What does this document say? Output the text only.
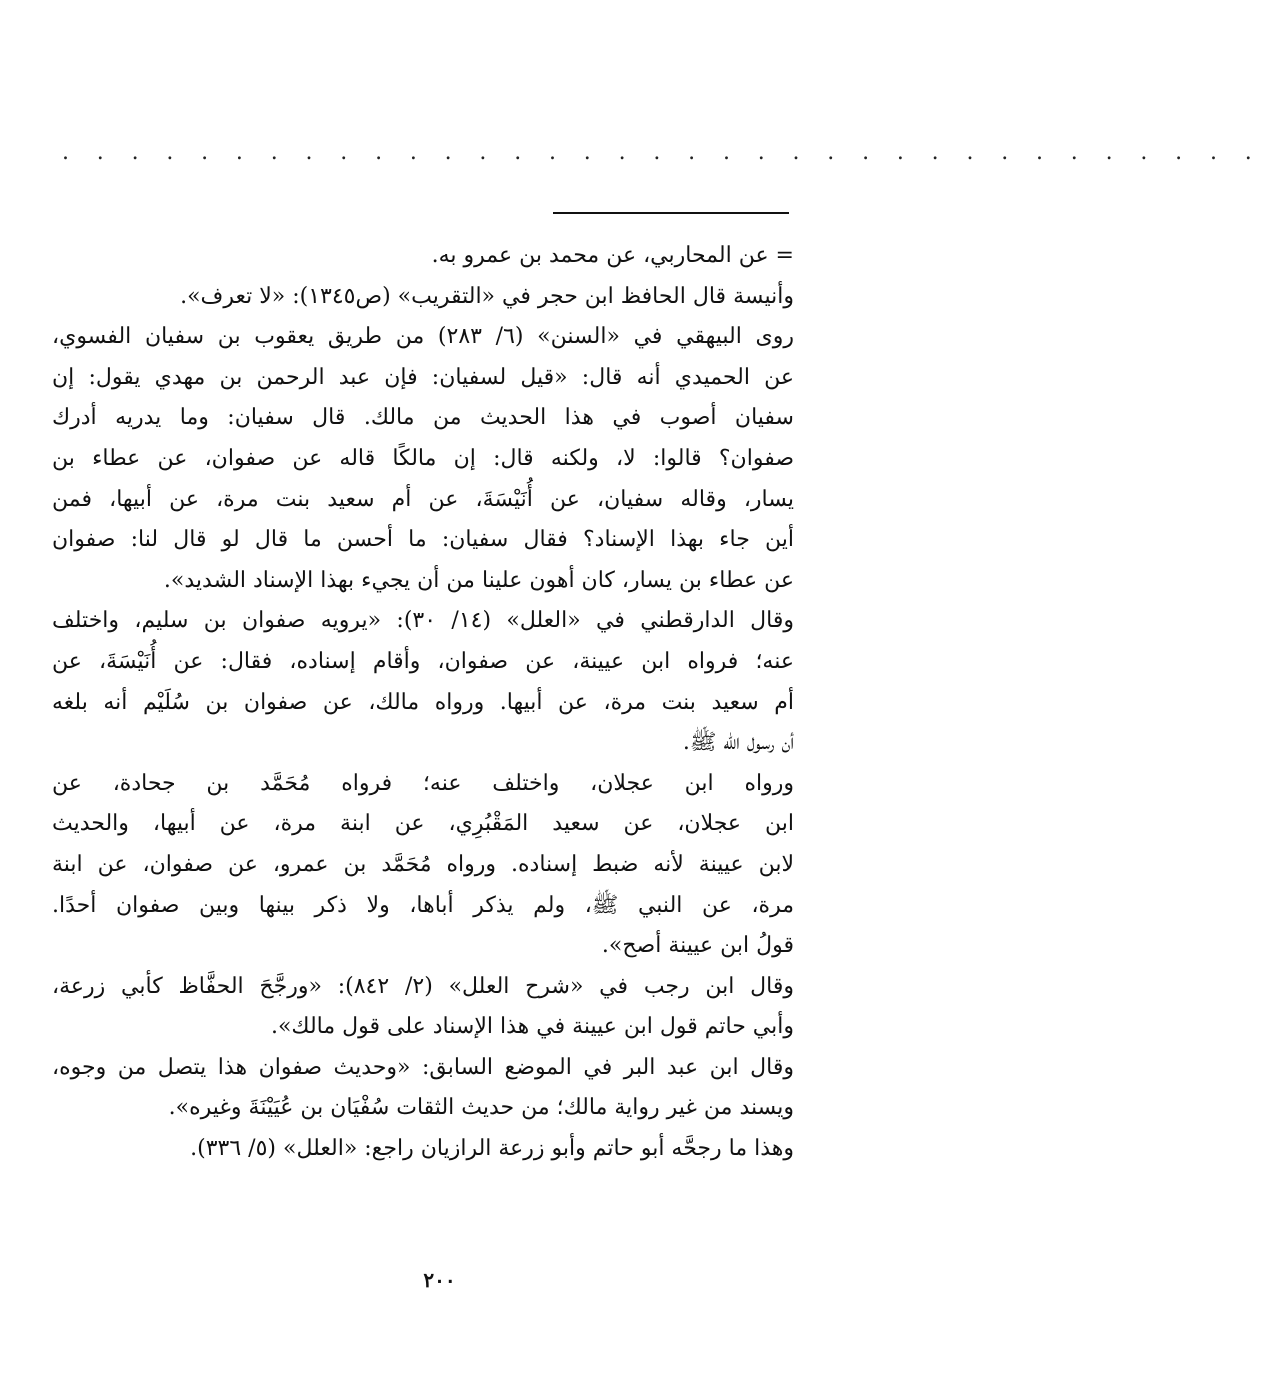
. . . . . . . . . . . . . . . . . . . . . . . . . . . . . . . . . . .
= عن المحاربي، عن محمد بن عمرو به.
وأنيسة قال الحافظ ابن حجر في «التقريب» (ص١٣٤٥): «لا تعرف».
روى البيهقي في «السنن» (٦/ ٢٨٣) من طريق يعقوب بن سفيان الفسوي،
عن الحميدي أنه قال: «قيل لسفيان: فإن عبد الرحمن بن مهدي يقول: إن
سفيان أصوب في هذا الحديث من مالك. قال سفيان: وما يدريه أدرك
صفوان؟ قالوا: لا، ولكنه قال: إن مالكًا قاله عن صفوان، عن عطاء بن
يسار، وقاله سفيان، عن أُنَيْسَةَ، عن أم سعيد بنت مرة، عن أبيها، فمن
أين جاء بهذا الإسناد؟ فقال سفيان: ما أحسن ما قال لو قال لنا: صفوان
عن عطاء بن يسار، كان أهون علينا من أن يجيء بهذا الإسناد الشديد».
وقال الدارقطني في «العلل» (١٤/ ٣٠): «يرويه صفوان بن سليم، واختلف
عنه؛ فرواه ابن عيينة، عن صفوان، وأقام إسناده، فقال: عن أُنَيْسَةَ، عن
أم سعيد بنت مرة، عن أبيها. ورواه مالك، عن صفوان بن سُلَيْم أنه بلغه
أن رسول الله ﷺ.
ورواه ابن عجلان، واختلف عنه؛ فرواه مُحَمَّد بن جحادة، عن
ابن عجلان، عن سعيد المَقْبُرِي، عن ابنة مرة، عن أبيها، والحديث
لابن عيينة لأنه ضبط إسناده. ورواه مُحَمَّد بن عمرو، عن صفوان، عن ابنة
مرة، عن النبي ﷺ، ولم يذكر أباها، ولا ذكر بينها وبين صفوان أحدًا.
قولُ ابن عيينة أصح».
وقال ابن رجب في «شرح العلل» (٢/ ٨٤٢): «ورجَّحَ الحفَّاظ كأبي زرعة،
وأبي حاتم قول ابن عيينة في هذا الإسناد على قول مالك».
وقال ابن عبد البر في الموضع السابق: «وحديث صفوان هذا يتصل من وجوه،
ويسند من غير رواية مالك؛ من حديث الثقات سُفْيَان بن عُيَيْنَةَ وغيره».
وهذا ما رجحَّه أبو حاتم وأبو زرعة الرازيان راجع: «العلل» (٥/ ٣٣٦).
٢٠٠
